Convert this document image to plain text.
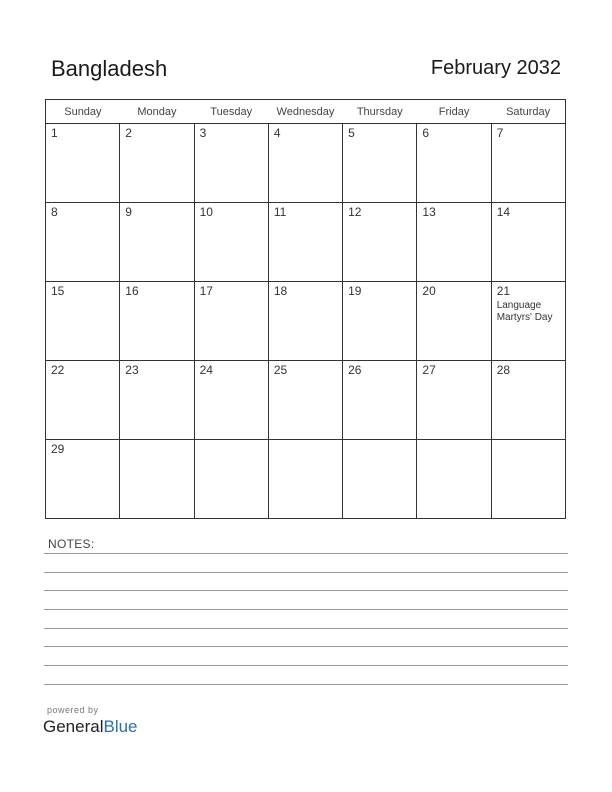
Bangladesh	February 2032
Sunday	Monday	Tuesday	Wednesday	Thursday	Friday	Saturday

1	2	3	4	5	6	7

8	9	10	11	12	13	14

15	16	17	18	19	20	21
Language Martyrs' Day

22	23	24	25	26	27	28

29						

NOTES:
powered by
GeneralBlue
